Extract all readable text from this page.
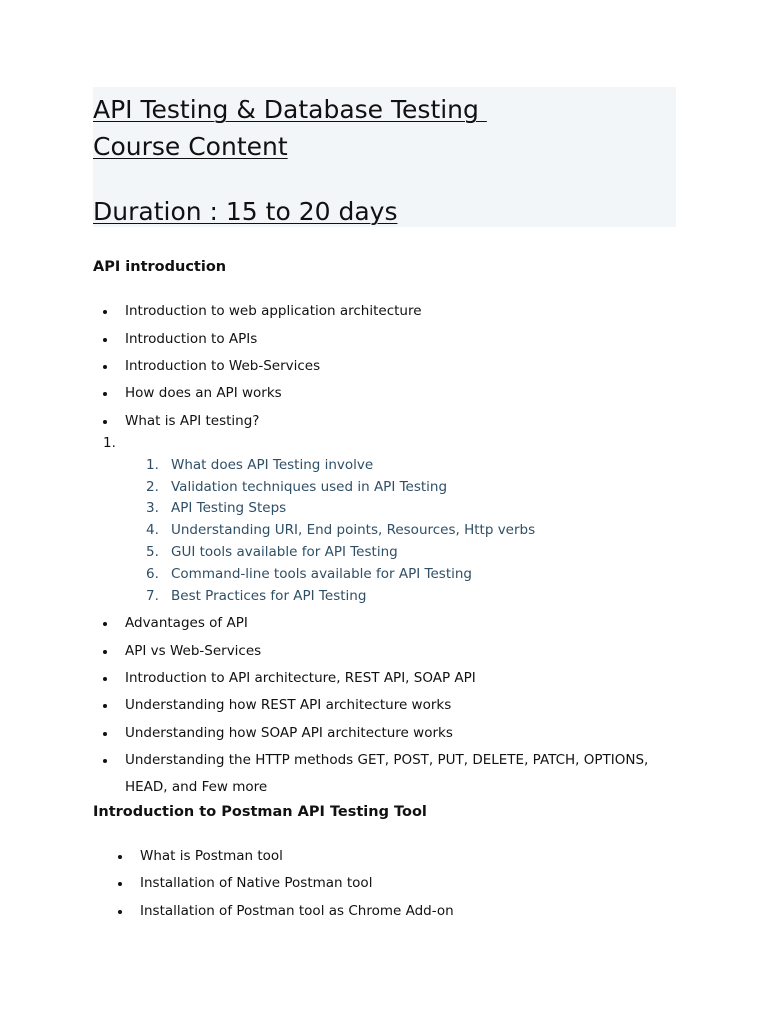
API Testing & Database Testing
Course Content
Duration : 15 to 20 days
API introduction
Introduction to web application architecture
Introduction to APIs
Introduction to Web-Services
How does an API works
What is API testing?
1.
1. What does API Testing involve
2. Validation techniques used in API Testing
3. API Testing Steps
4. Understanding URI, End points, Resources, Http verbs
5. GUI tools available for API Testing
6. Command-line tools available for API Testing
7. Best Practices for API Testing
Advantages of API
API vs Web-Services
Introduction to API architecture, REST API, SOAP API
Understanding how REST API architecture works
Understanding how SOAP API architecture works
Understanding the HTTP methods GET, POST, PUT, DELETE, PATCH, OPTIONS,
HEAD, and Few more
Introduction to Postman API Testing Tool
What is Postman tool
Installation of Native Postman tool
Installation of Postman tool as Chrome Add-on
